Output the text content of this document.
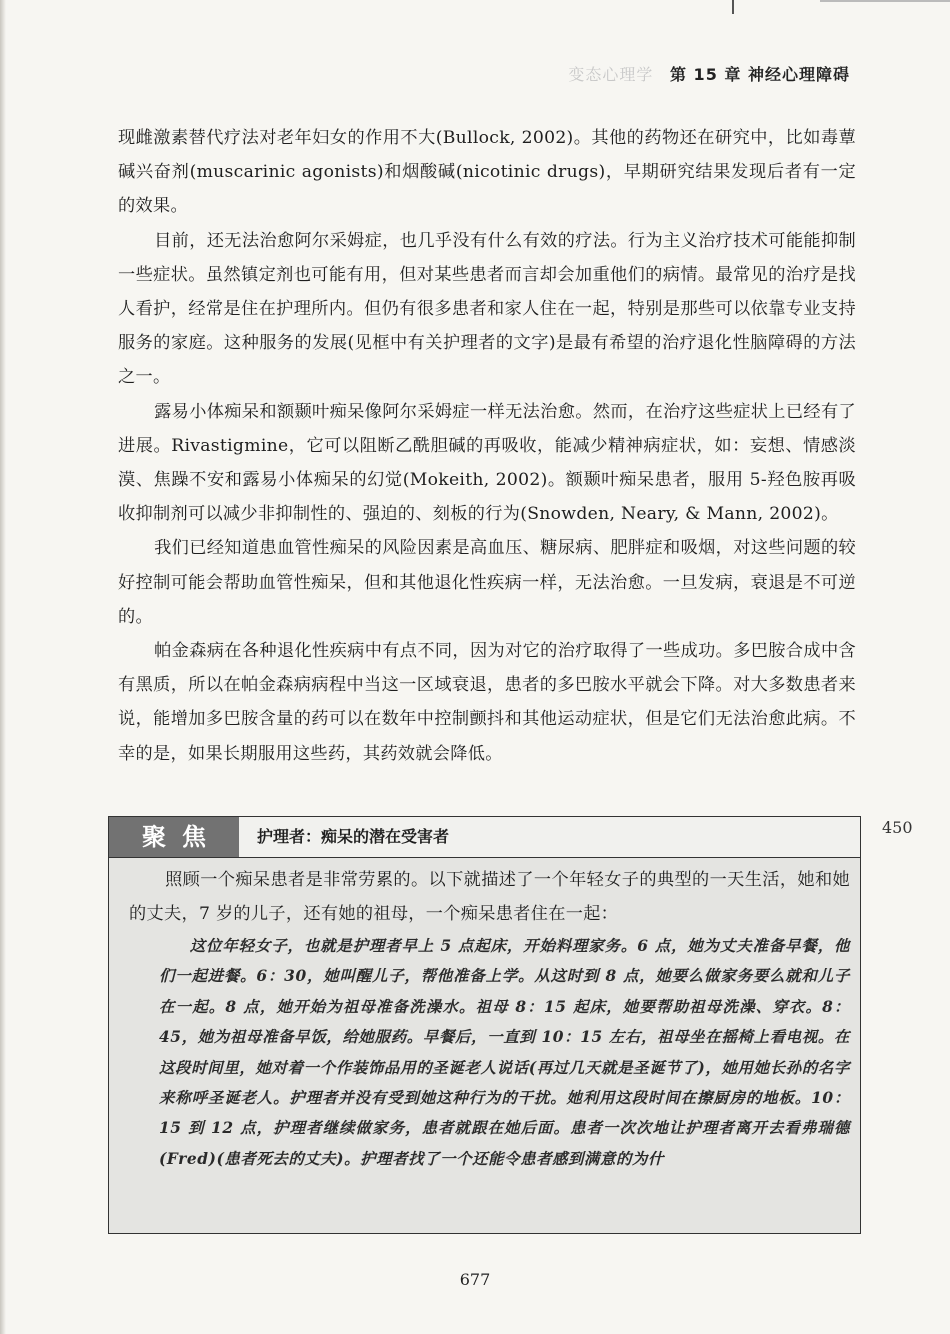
变态心理学 第 15 章 神经心理障碍

现雌激素替代疗法对老年妇女的作用不大(Bullock, 2002)。其他的药物还在研究中，比如毒蕈碱兴奋剂(muscarinic agonists)和烟酸碱(nicotinic drugs)，早期研究结果发现后者有一定的效果。

目前，还无法治愈阿尔采姆症，也几乎没有什么有效的疗法。行为主义治疗技术可能能抑制一些症状。虽然镇定剂也可能有用，但对某些患者而言却会加重他们的病情。最常见的治疗是找人看护，经常是住在护理所内。但仍有很多患者和家人住在一起，特别是那些可以依靠专业支持服务的家庭。这种服务的发展(见框中有关护理者的文字)是最有希望的治疗退化性脑障碍的方法之一。

露易小体痴呆和额颞叶痴呆像阿尔采姆症一样无法治愈。然而，在治疗这些症状上已经有了进展。Rivastigmine，它可以阻断乙酰胆碱的再吸收，能减少精神病症状，如：妄想、情感淡漠、焦躁不安和露易小体痴呆的幻觉(Mokeith, 2002)。额颞叶痴呆患者，服用 5-羟色胺再吸收抑制剂可以减少非抑制性的、强迫的、刻板的行为(Snowden, Neary, & Mann, 2002)。

我们已经知道患血管性痴呆的风险因素是高血压、糖尿病、肥胖症和吸烟，对这些问题的较好控制可能会帮助血管性痴呆，但和其他退化性疾病一样，无法治愈。一旦发病，衰退是不可逆的。

帕金森病在各种退化性疾病中有点不同，因为对它的治疗取得了一些成功。多巴胺合成中含有黑质，所以在帕金森病病程中当这一区域衰退，患者的多巴胺水平就会下降。对大多数患者来说，能增加多巴胺含量的药可以在数年中控制颤抖和其他运动症状，但是它们无法治愈此病。不幸的是，如果长期服用这些药，其药效就会降低。

450
聚焦	护理者：痴呆的潜在受害者

照顾一个痴呆患者是非常劳累的。以下就描述了一个年轻女子的典型的一天生活，她和她的丈夫，7 岁的儿子，还有她的祖母，一个痴呆患者住在一起：

这位年轻女子，也就是护理者早上 5 点起床，开始料理家务。6 点，她为丈夫准备早餐，他们一起进餐。6：30，她叫醒儿子，帮他准备上学。从这时到 8 点，她要么做家务要么就和儿子在一起。8 点，她开始为祖母准备洗澡水。祖母 8：15 起床，她要帮助祖母洗澡、穿衣。8：45，她为祖母准备早饭，给她服药。早餐后，一直到 10：15 左右，祖母坐在摇椅上看电视。在这段时间里，她对着一个作装饰品用的圣诞老人说话(再过几天就是圣诞节了)，她用她长孙的名字来称呼圣诞老人。护理者并没有受到她这种行为的干扰。她利用这段时间在擦厨房的地板。10：15 到 12 点，护理者继续做家务，患者就跟在她后面。患者一次次地让护理者离开去看弗瑞德(Fred)(患者死去的丈夫)。护理者找了一个还能令患者感到满意的为什

677
